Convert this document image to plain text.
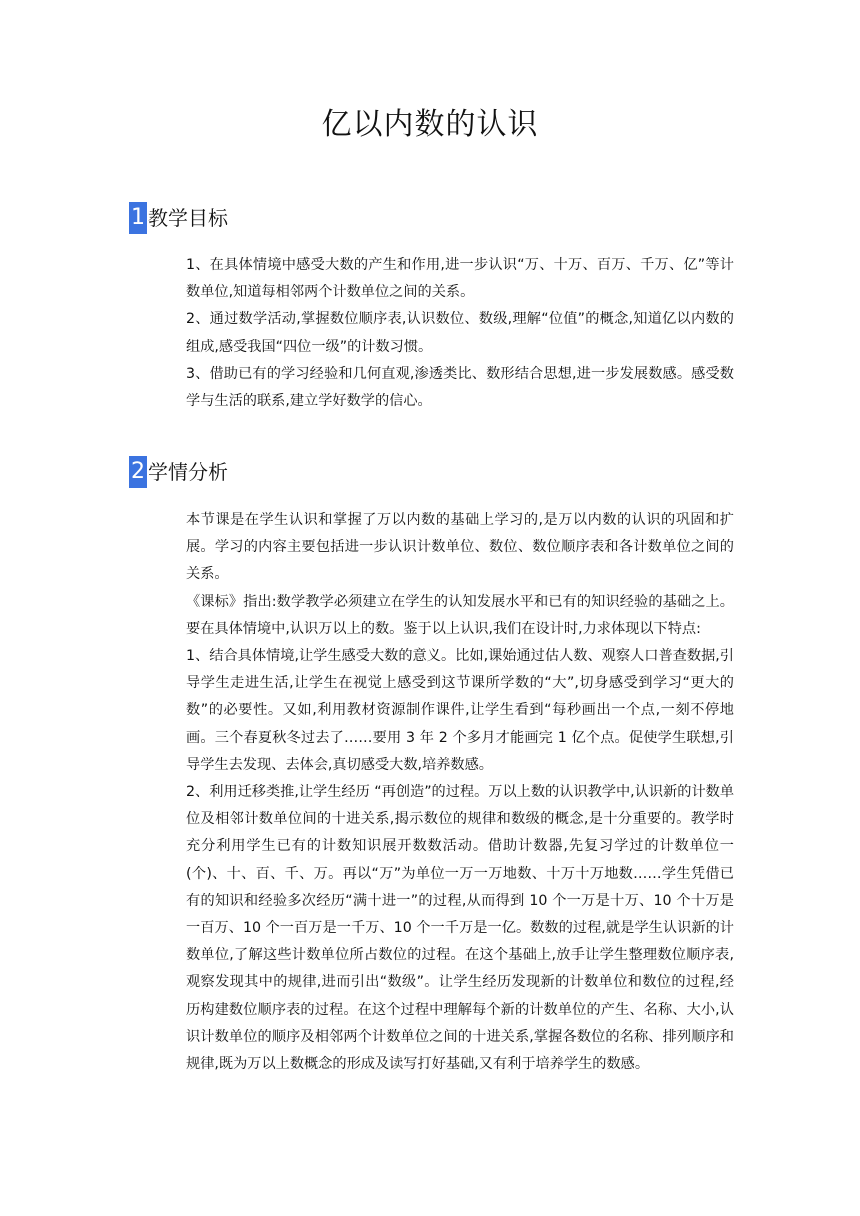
亿以内数的认识
1 教学目标

1、在具体情境中感受大数的产生和作用,进一步认识“万、十万、百万、千万、亿”等计数单位,知道每相邻两个计数单位之间的关系。

2、通过数学活动,掌握数位顺序表,认识数位、数级,理解“位值”的概念,知道亿以内数的组成,感受我国“四位一级”的计数习惯。

3、借助已有的学习经验和几何直观,渗透类比、数形结合思想,进一步发展数感。感受数学与生活的联系,建立学好数学的信心。

2 学情分析

本节课是在学生认识和掌握了万以内数的基础上学习的,是万以内数的认识的巩固和扩展。学习的内容主要包括进一步认识计数单位、数位、数位顺序表和各计数单位之间的关系。

《课标》指出:数学教学必须建立在学生的认知发展水平和已有的知识经验的基础之上。要在具体情境中,认识万以上的数。鉴于以上认识,我们在设计时,力求体现以下特点:

1、结合具体情境,让学生感受大数的意义。比如,课始通过估人数、观察人口普查数据,引导学生走进生活,让学生在视觉上感受到这节课所学数的“大”,切身感受到学习“更大的数”的必要性。又如,利用教材资源制作课件,让学生看到“每秒画出一个点,一刻不停地画。三个春夏秋冬过去了……要用 3 年 2 个多月才能画完 1 亿个点。促使学生联想,引导学生去发现、去体会,真切感受大数,培养数感。

2、利用迁移类推,让学生经历 “再创造”的过程。万以上数的认识教学中,认识新的计数单位及相邻计数单位间的十进关系,揭示数位的规律和数级的概念,是十分重要的。教学时充分利用学生已有的计数知识展开数数活动。借助计数器,先复习学过的计数单位一(个)、十、百、千、万。再以“万”为单位一万一万地数、十万十万地数……学生凭借已有的知识和经验多次经历“满十进一”的过程,从而得到 10 个一万是十万、10 个十万是一百万、10 个一百万是一千万、10 个一千万是一亿。数数的过程,就是学生认识新的计数单位,了解这些计数单位所占数位的过程。在这个基础上,放手让学生整理数位顺序表,观察发现其中的规律,进而引出“数级”。让学生经历发现新的计数单位和数位的过程,经历构建数位顺序表的过程。在这个过程中理解每个新的计数单位的产生、名称、大小,认识计数单位的顺序及相邻两个计数单位之间的十进关系,掌握各数位的名称、排列顺序和规律,既为万以上数概念的形成及读写打好基础,又有利于培养学生的数感。
